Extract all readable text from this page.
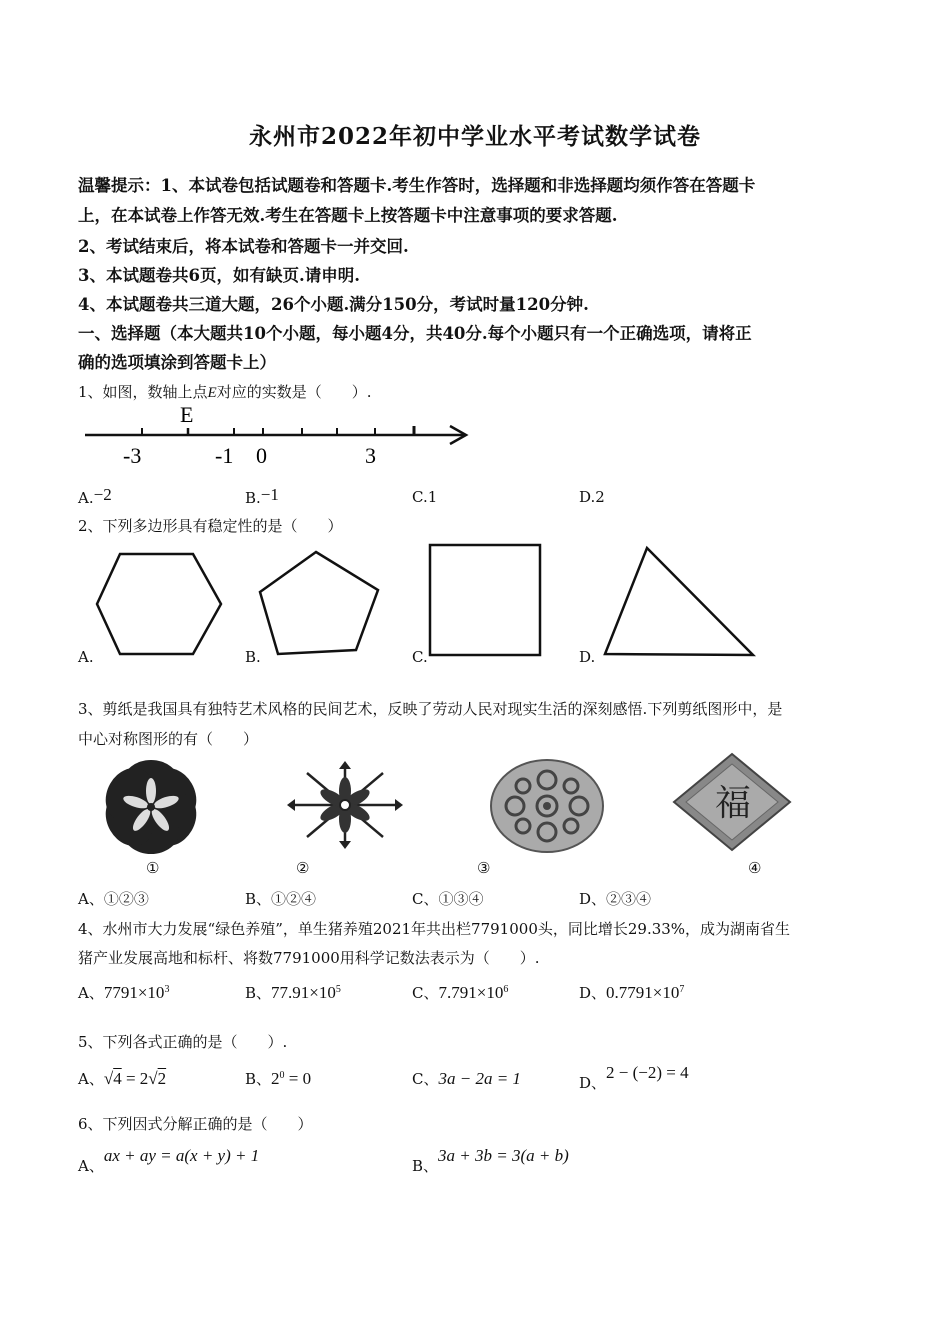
永州市2022年初中学业水平考试数学试卷
温馨提示：1、本试卷包括试题卷和答题卡.考生作答时，选择题和非选择题均须作答在答题卡
上，在本试卷上作答无效.考生在答题卡上按答题卡中注意事项的要求答题.
2、考试结束后，将本试卷和答题卡一并交回.
3、本试题卷共6页，如有缺页.请申明.
4、本试题卷共三道大题，26个小题.满分150分，考试时量120分钟.
一、选择题（本大题共10个小题，每小题4分，共40分.每个小题只有一个正确选项，请将正
确的选项填涂到答题卡上）
1、如图，数轴上点E对应的实数是（　　）.
E
-3	-1 0	3
A.−2	B.−1	C.1	D.2
2、下列多边形具有稳定性的是（　　）
A.	B.	C.	D.
3、剪纸是我国具有独特艺术风格的民间艺术，反映了劳动人民对现实生活的深刻感悟.下列剪纸图形中，是
中心对称图形的有（　　）
福
①	②	③	④
A、①②③	B、①②④	C、①③④	D、②③④
4、水州市大力发展“绿色养殖”，单生猪养殖2021年共出栏7791000头，同比增长29.33%，成为湖南省生
猪产业发展高地和标杆、将数7791000用科学记数法表示为（　　）.
A、$7791\times 10^3$	B、$77.91\times 10^5$	C、$7.791\times 10^6$	D、$0.7791\times 10^7$
5、下列各式正确的是（　　）.
A、√4 = 2√2	B、$2^0 = 0$	C、3a − 2a = 1	D、2 − (−2) = 4
6、下列因式分解正确的是（　　）
A、ax + ay = a(x + y) + 1
B、3a + 3b = 3(a + b)
